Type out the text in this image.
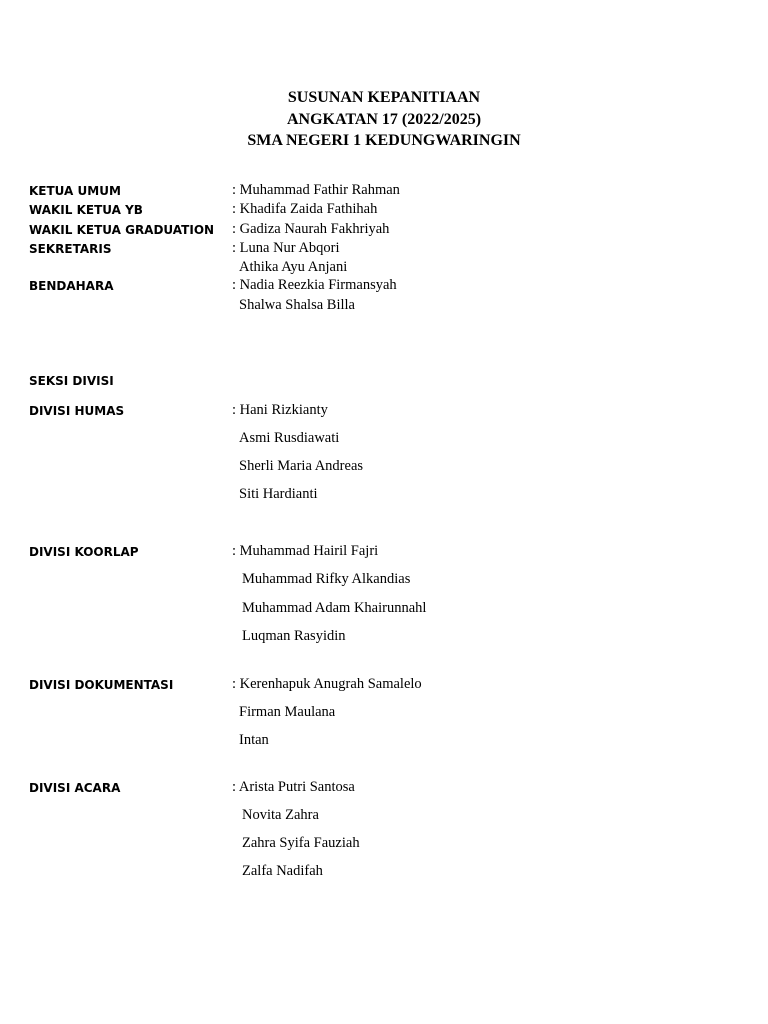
SUSUNAN KEPANITIAAN
ANGKATAN 17 (2022/2025)
SMA NEGERI 1 KEDUNGWARINGIN
KETUA UMUM	: Muhammad Fathir Rahman
WAKIL KETUA YB	: Khadifa Zaida Fathihah
WAKIL KETUA GRADUATION : Gadiza Naurah Fakhriyah
SEKRETARIS	: Luna Nur Abqori
Athika Ayu Anjani
BENDAHARA	: Nadia Reezkia Firmansyah
Shalwa Shalsa Billa
SEKSI DIVISI
DIVISI HUMAS	: Hani Rizkianty
Asmi Rusdiawati
Sherli Maria Andreas
Siti Hardianti
DIVISI KOORLAP	: Muhammad Hairil Fajri
Muhammad Rifky Alkandias
Muhammad Adam Khairunnahl
Luqman Rasyidin
DIVISI DOKUMENTASI	: Kerenhapuk Anugrah Samalelo
Firman Maulana
Intan
DIVISI ACARA	: Arista Putri Santosa
Novita Zahra
Zahra Syifa Fauziah
Zalfa Nadifah
